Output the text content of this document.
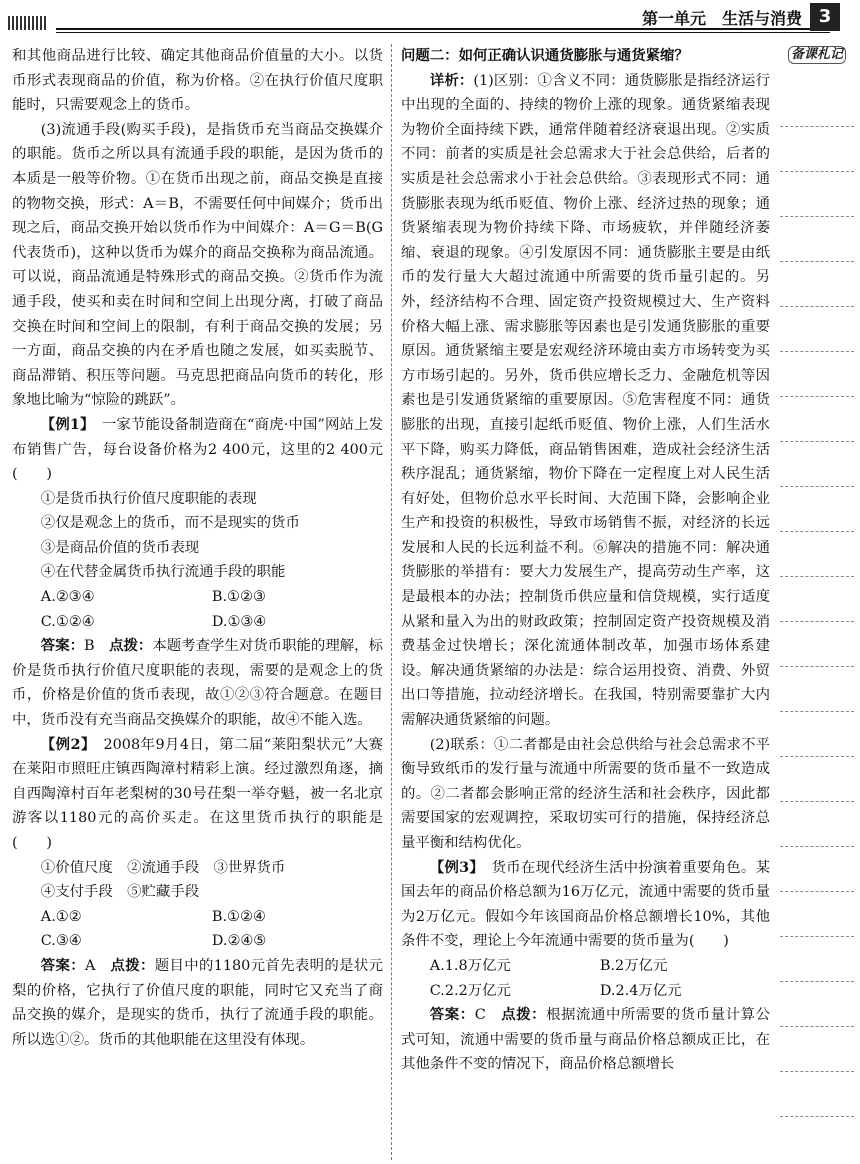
第一单元　 生活与消费 3

和其他商品进行比较、确定其他商品价值量的大小。以货币形式表现商品的价值，称为价格。②在执行价值尺度职能时，只需要观念上的货币。

(3)流通手段(购买手段)，是指货币充当商品交换媒介的职能。货币之所以具有流通手段的职能，是因为货币的本质是一般等价物。①在货币出现之前，商品交换是直接的物物交换，形式：A＝B，不需要任何中间媒介；货币出现之后，商品交换开始以货币作为中间媒介：A＝G＝B(G代表货币)，这种以货币为媒介的商品交换称为商品流通。可以说，商品流通是特殊形式的商品交换。②货币作为流通手段，使买和卖在时间和空间上出现分离，打破了商品交换在时间和空间上的限制，有利于商品交换的发展；另一方面，商品交换的内在矛盾也随之发展，如买卖脱节、商品滞销、积压等问题。马克思把商品向货币的转化，形象地比喻为“惊险的跳跃”。

【例1】　 一家节能设备制造商在“商虎·中国”网站上发布销售广告，每台设备价格为2 400元，这里的2 400元(　　)

①是货币执行价值尺度职能的表现

②仅是观念上的货币，而不是现实的货币

③是商品价值的货币表现

④在代替金属货币执行流通手段的职能

A.②③④	B.①②③
C.①②④	D.①③④

答案：B　 点拨：本题考查学生对货币职能的理解，标价是货币执行价值尺度职能的表现，需要的是观念上的货币，价格是价值的货币表现，故①②③符合题意。在题目中，货币没有充当商品交换媒介的职能，故④不能入选。

【例2】　 2008年9月4日，第二届“莱阳梨状元”大赛在莱阳市照旺庄镇西陶漳村精彩上演。经过激烈角逐，摘自西陶漳村百年老梨树的30号茌梨一举夺魁，被一名北京游客以1180元的高价买走。在这里货币执行的职能是(　　)

①价值尺度　②流通手段　③世界货币

④支付手段　⑤贮藏手段

A.①②	B.①②④
C.③④	D.②④⑤

答案：A　 点拨：题目中的1180元首先表明的是状元梨的价格，它执行了价值尺度的职能，同时它又充当了商品交换的媒介，是现实的货币，执行了流通手段的职能。所以选①②。货币的其他职能在这里没有体现。

问题二：如何正确认识通货膨胀与通货紧缩？

详析：(1)区别：①含义不同：通货膨胀是指经济运行中出现的全面的、持续的物价上涨的现象。通货紧缩表现为物价全面持续下跌，通常伴随着经济衰退出现。②实质不同：前者的实质是社会总需求大于社会总供给，后者的实质是社会总需求小于社会总供给。③表现形式不同：通货膨胀表现为纸币贬值、物价上涨、经济过热的现象；通货紧缩表现为物价持续下降、市场疲软，并伴随经济萎缩、衰退的现象。④引发原因不同：通货膨胀主要是由纸币的发行量大大超过流通中所需要的货币量引起的。另外，经济结构不合理、固定资产投资规模过大、生产资料价格大幅上涨、需求膨胀等因素也是引发通货膨胀的重要原因。通货紧缩主要是宏观经济环境由卖方市场转变为买方市场引起的。另外，货币供应增长乏力、金融危机等因素也是引发通货紧缩的重要原因。⑤危害程度不同：通货膨胀的出现，直接引起纸币贬值、物价上涨，人们生活水平下降，购买力降低，商品销售困难，造成社会经济生活秩序混乱；通货紧缩，物价下降在一定程度上对人民生活有好处，但物价总水平长时间、大范围下降，会影响企业生产和投资的积极性，导致市场销售不振，对经济的长远发展和人民的长远利益不利。⑥解决的措施不同：解决通货膨胀的举措有：要大力发展生产，提高劳动生产率，这是最根本的办法；控制货币供应量和信贷规模，实行适度从紧和量入为出的财政政策；控制固定资产投资规模及消费基金过快增长；深化流通体制改革，加强市场体系建设。解决通货紧缩的办法是：综合运用投资、消费、外贸出口等措施，拉动经济增长。在我国，特别需要靠扩大内需解决通货紧缩的问题。

(2)联系：①二者都是由社会总供给与社会总需求不平衡导致纸币的发行量与流通中所需要的货币量不一致造成的。②二者都会影响正常的经济生活和社会秩序，因此都需要国家的宏观调控，采取切实可行的措施，保持经济总量平衡和结构优化。

【例3】　 货币在现代经济生活中扮演着重要角色。某国去年的商品价格总额为16万亿元，流通中需要的货币量为2万亿元。假如今年该国商品价格总额增长10%，其他条件不变，理论上今年流通中需要的货币量为(　　)

A.1.8万亿元	B.2万亿元
C.2.2万亿元	D.2.4万亿元

答案：C　 点拨：根据流通中所需要的货币量计算公式可知，流通中需要的货币量与商品价格总额成正比，在其他条件不变的情况下，商品价格总额增长

备课札记
